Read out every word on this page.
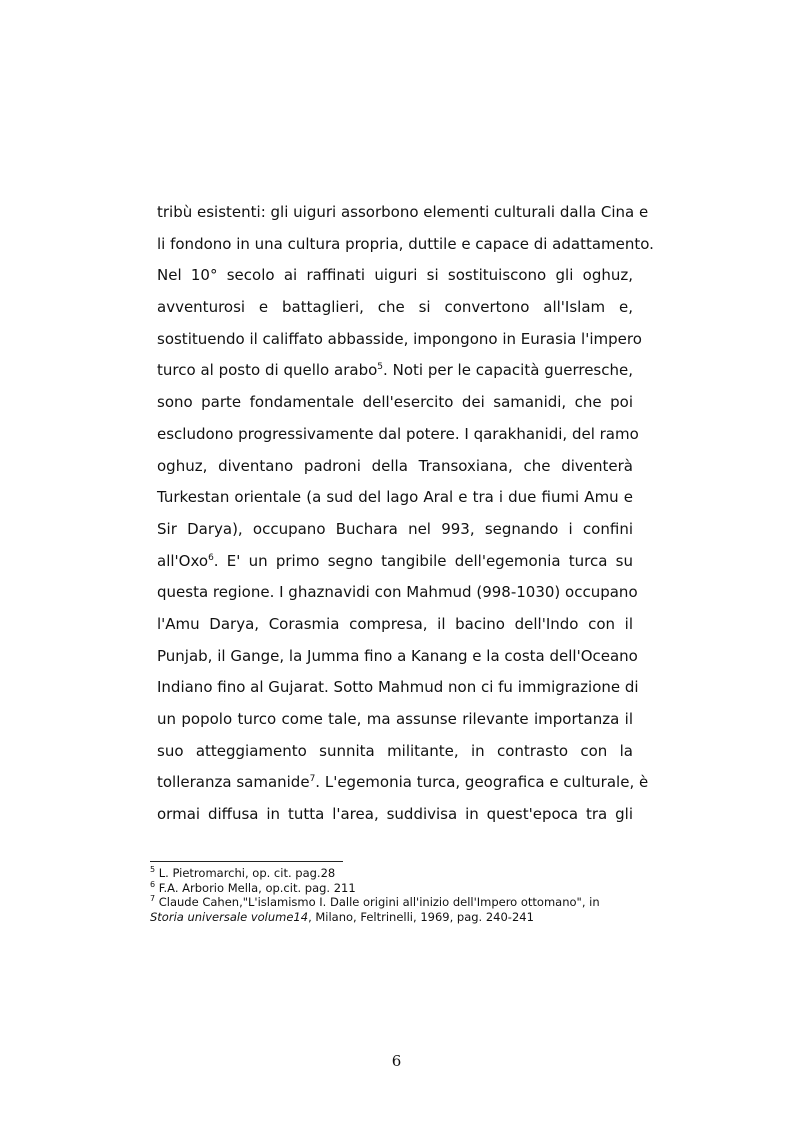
tribù esistenti: gli uiguri assorbono elementi culturali dalla Cina e
li fondono in una cultura propria, duttile e capace di adattamento.
Nel 10° secolo ai raffinati uiguri si sostituiscono gli oghuz,
avventurosi e battaglieri, che si convertono all'Islam e,
sostituendo il califfato abbasside, impongono in Eurasia l'impero
turco al posto di quello arabo$^5$. Noti per le capacità guerresche,
sono parte fondamentale dell'esercito dei samanidi, che poi
escludono progressivamente dal potere. I qarakhanidi, del ramo
oghuz, diventano padroni della Transoxiana, che diventerà
Turkestan orientale (a sud del lago Aral e tra i due fiumi Amu e
Sir Darya), occupano Buchara nel 993, segnando i confini
all'Oxo$^6$. E' un primo segno tangibile dell'egemonia turca su
questa regione. I ghaznavidi con Mahmud (998-1030) occupano
l'Amu Darya, Corasmia compresa, il bacino dell'Indo con il
Punjab, il Gange, la Jumma fino a Kanang e la costa dell'Oceano
Indiano fino al Gujarat. Sotto Mahmud non ci fu immigrazione di
un popolo turco come tale, ma assunse rilevante importanza il
suo atteggiamento sunnita militante, in contrasto con la
tolleranza samanide$^7$. L'egemonia turca, geografica e culturale, è
ormai diffusa in tutta l'area, suddivisa in quest'epoca tra gli
$^5$ L. Pietromarchi, op. cit. pag.28
$^6$ F.A. Arborio Mella, op.cit. pag. 211
$^7$ Claude Cahen,"L'islamismo I. Dalle origini all'inizio dell'Impero ottomano", in
Storia universale volume14, Milano, Feltrinelli, 1969, pag. 240-241
6
